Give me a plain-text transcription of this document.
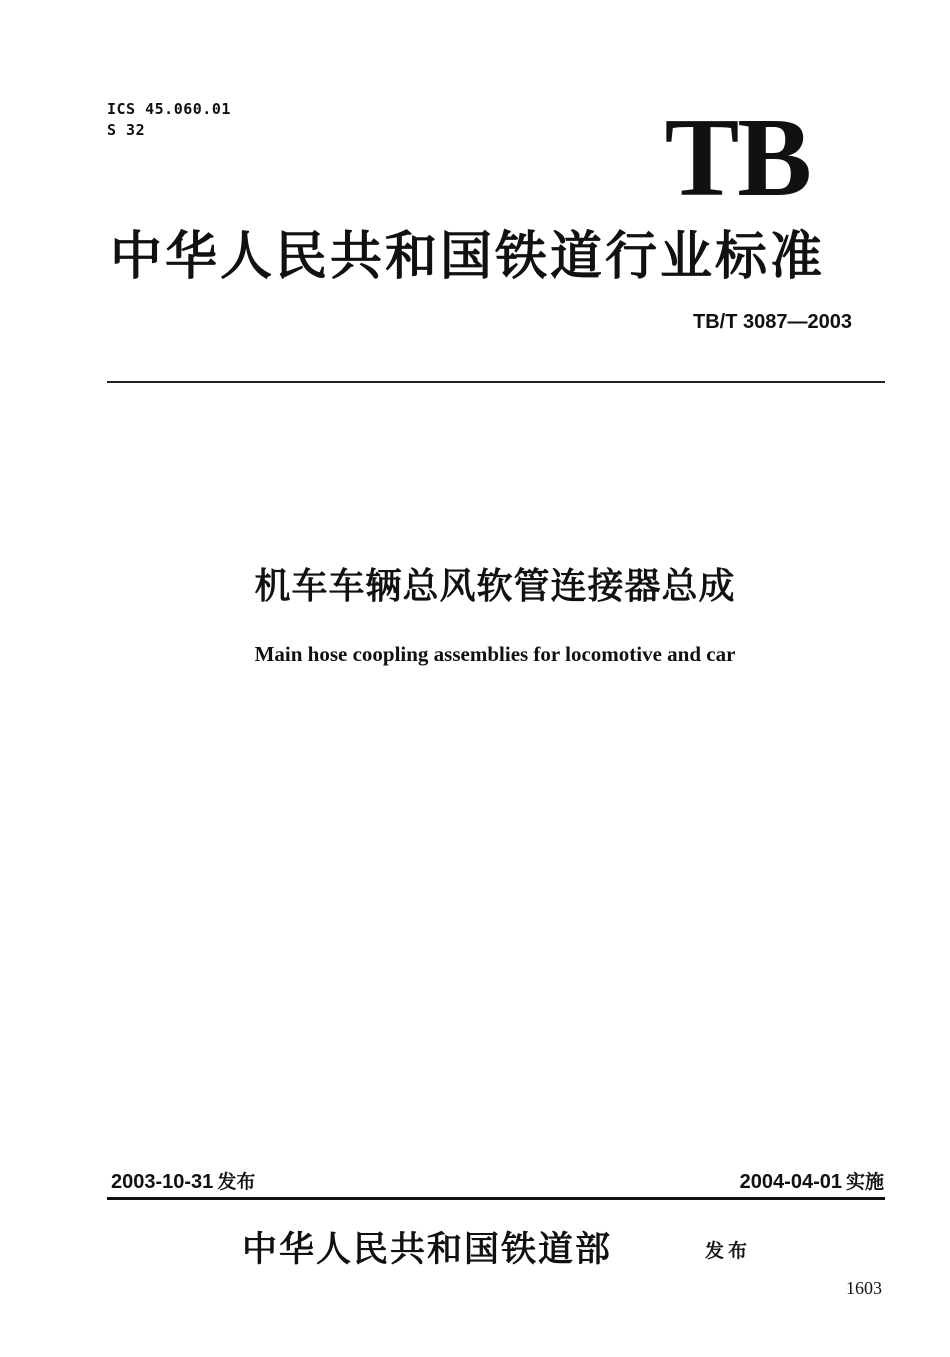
ICS 45.060.01
S 32	TB
中华人民共和国铁道行业标准
TB/T 3087—2003
机车车辆总风软管连接器总成
Main hose coopling assemblies for locomotive and car
2003-10-31 发布	2004-04-01 实施
中华人民共和国铁道部	发布
1603
